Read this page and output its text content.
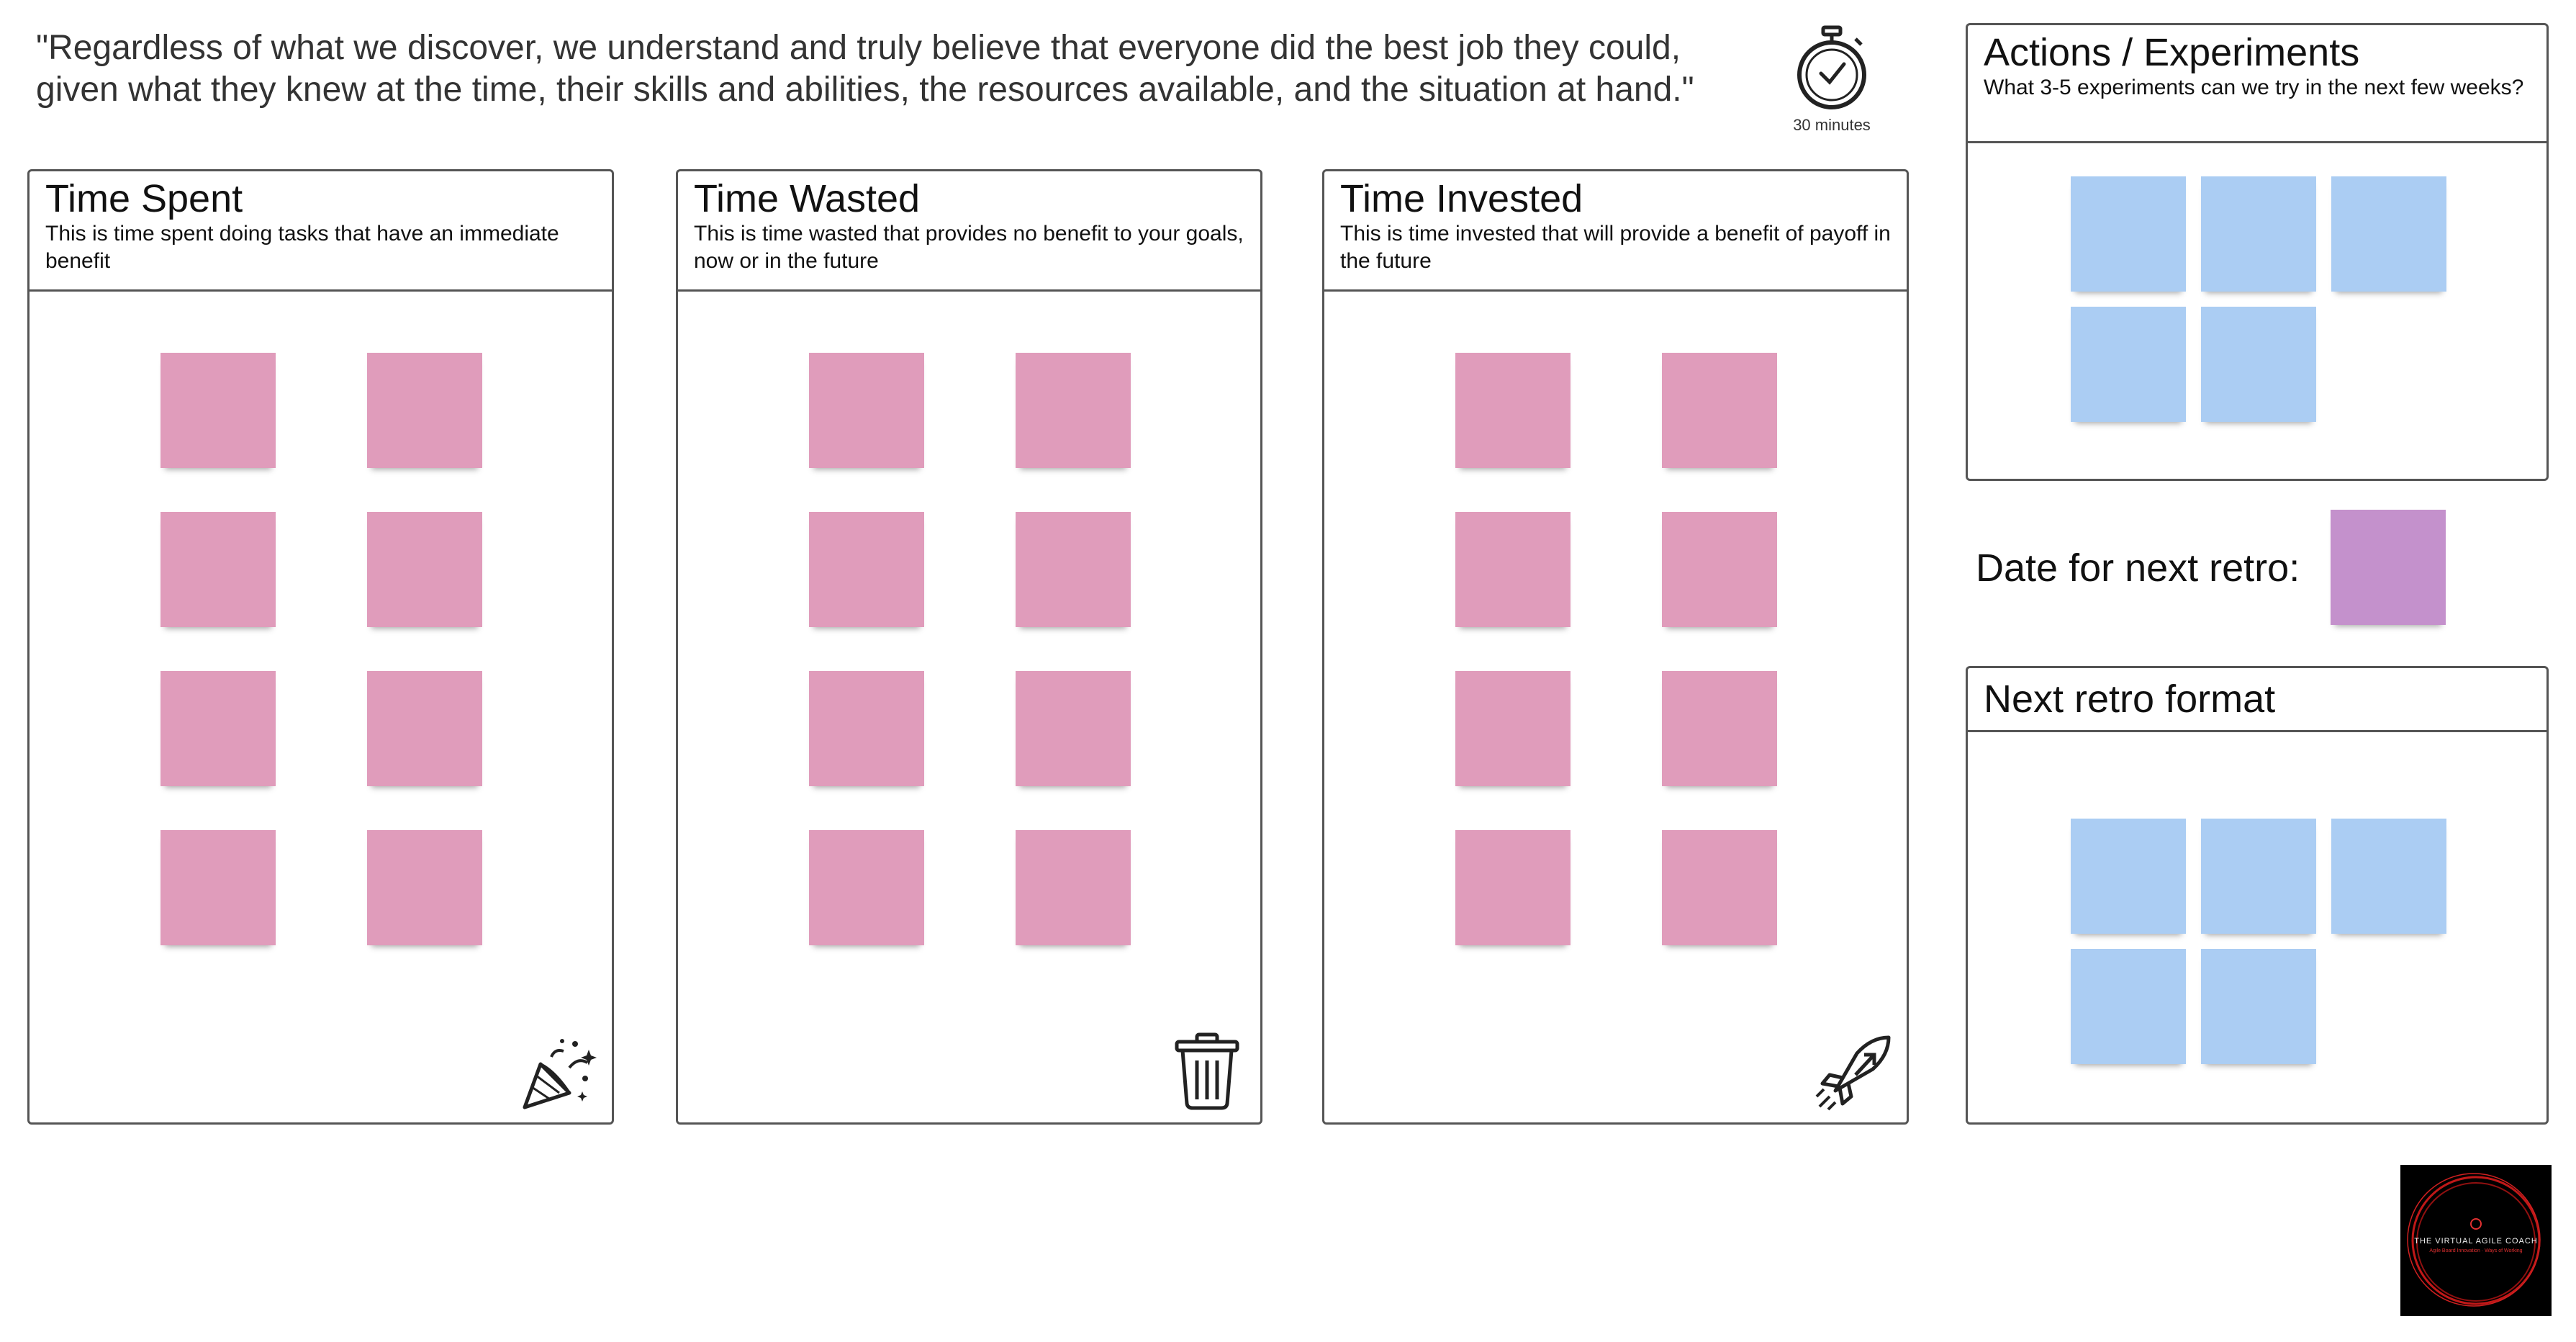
"Regardless of what we discover, we understand and truly believe that everyone did the best job they could, given what they knew at the time, their skills and abilities, the resources available, and the situation at hand."
30 minutes
Time Spent
This is time spent doing tasks that have an immediate benefit
Time Wasted
This is time wasted that provides no benefit to your goals, now or in the future
Time Invested
This is time invested that will provide a benefit of payoff in the future
Actions / Experiments
What 3-5 experiments can we try in the next few weeks?
Date for next retro:
Next retro format
THE VIRTUAL AGILE COACH
Agile Board Innovation · Ways of Working
